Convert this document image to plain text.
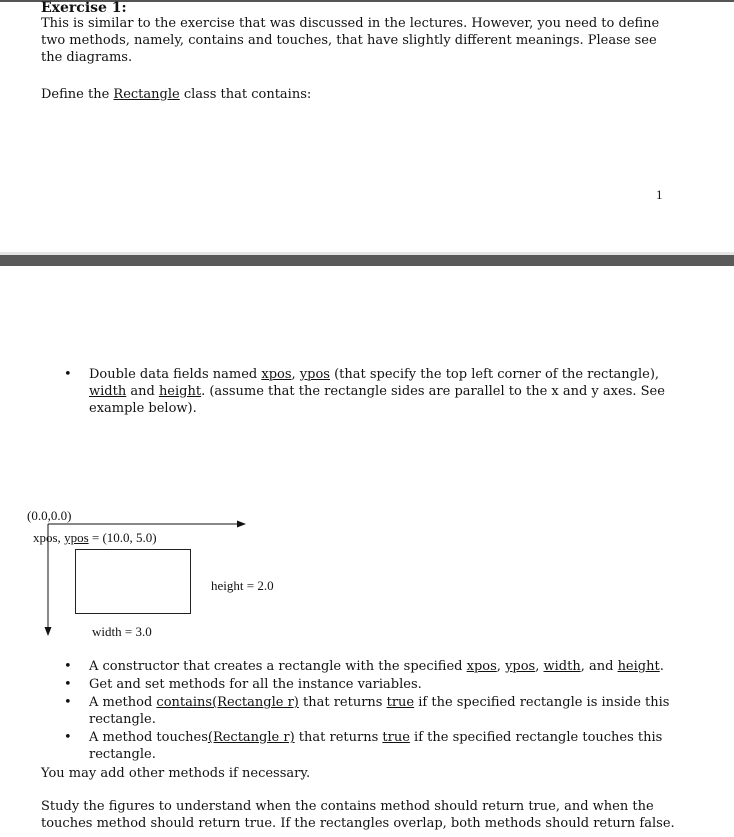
Exercise 1:
This is similar to the exercise that was discussed in the lectures. However, you need to define two methods, namely, contains and touches, that have slightly different meanings. Please see the diagrams.
Define the Rectangle class that contains:
1
• Double data fields named xpos, ypos (that specify the top left corner of the rectangle), width and height. (assume that the rectangle sides are parallel to the x and y axes. See example below).
(0.0,0.0)
xpos, ypos = (10.0, 5.0)
height = 2.0
width = 3.0
• A constructor that creates a rectangle with the specified xpos, ypos, width, and height.
• Get and set methods for all the instance variables.
• A method contains(Rectangle r) that returns true if the specified rectangle is inside this rectangle.
• A method touches(Rectangle r) that returns true if the specified rectangle touches this rectangle.
You may add other methods if necessary.
Study the figures to understand when the contains method should return true, and when the touches method should return true. If the rectangles overlap, both methods should return false.
